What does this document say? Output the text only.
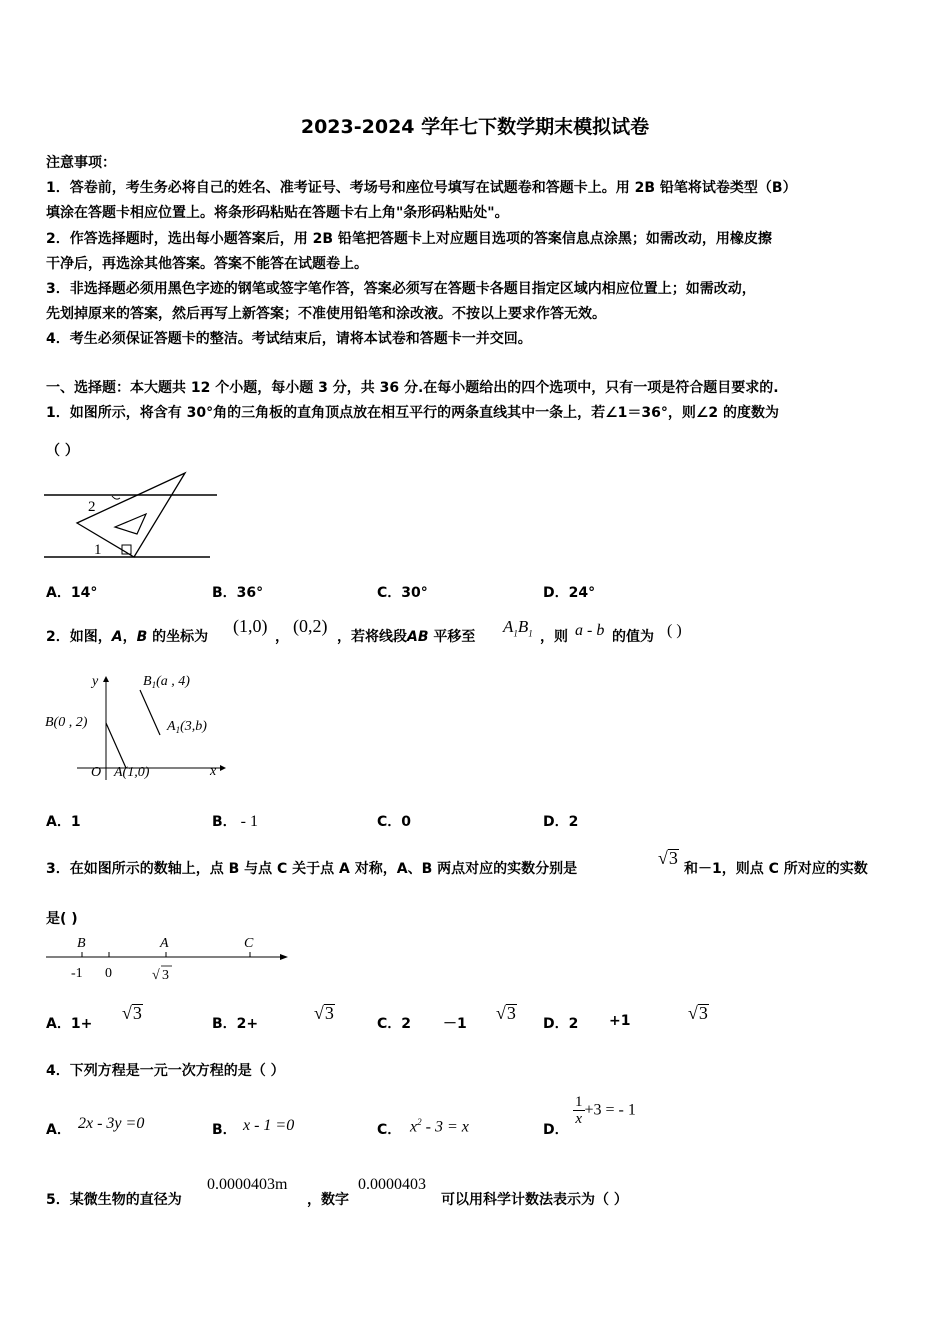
2023-2024 学年七下数学期末模拟试卷
注意事项：
1．答卷前，考生务必将自己的姓名、准考证号、考场号和座位号填写在试题卷和答题卡上。用 2B 铅笔将试卷类型（B）
填涂在答题卡相应位置上。将条形码粘贴在答题卡右上角"条形码粘贴处"。
2．作答选择题时，选出每小题答案后，用 2B 铅笔把答题卡上对应题目选项的答案信息点涂黑；如需改动，用橡皮擦
干净后，再选涂其他答案。答案不能答在试题卷上。
3．非选择题必须用黑色字迹的钢笔或签字笔作答，答案必须写在答题卡各题目指定区域内相应位置上；如需改动，
先划掉原来的答案，然后再写上新答案；不准使用铅笔和涂改液。不按以上要求作答无效。
4．考生必须保证答题卡的整洁。考试结束后，请将本试卷和答题卡一并交回。
一、选择题：本大题共 12 个小题，每小题 3 分，共 36 分.在每小题给出的四个选项中，只有一项是符合题目要求的.
1．如图所示，将含有 30°角的三角板的直角顶点放在相互平行的两条直线其中一条上，若∠1＝36°，则∠2 的度数为
（ ）
2
1
A．14°	B．36°	C．30°	D．24°
2．如图，A，B 的坐标为
(1,0)
，
(0,2)
，若将线段AB 平移至
$A_1B_1$ ，则 a - b 的值为 ( )
y
x
O
$B_1(a$ , 4)
$A_1(3,b)$
B(0 , 2)
A(1,0)
A．1	B． - 1	C．0	D．2
3．在如图所示的数轴上，点 B 与点 C 关于点 A 对称，A、B 两点对应的实数分别是
√3
和－1，则点 C 所对应的实数
是( )
B	A	C
-1 0	√ 3
A．1+
√3
B．2+
√3
C．2
√3
－1	D．2
√3
+1
4．下列方程是一元一次方程的是（ ）
A． 2x - 3y =0	B． x - 1 =0	C． $x^2 - 3 = x$	D．
$\frac{1}{x} +3$ = - 1
5．某微生物的直径为
0.0000403m
，数字
0.0000403
可以用科学计数法表示为（ ）
